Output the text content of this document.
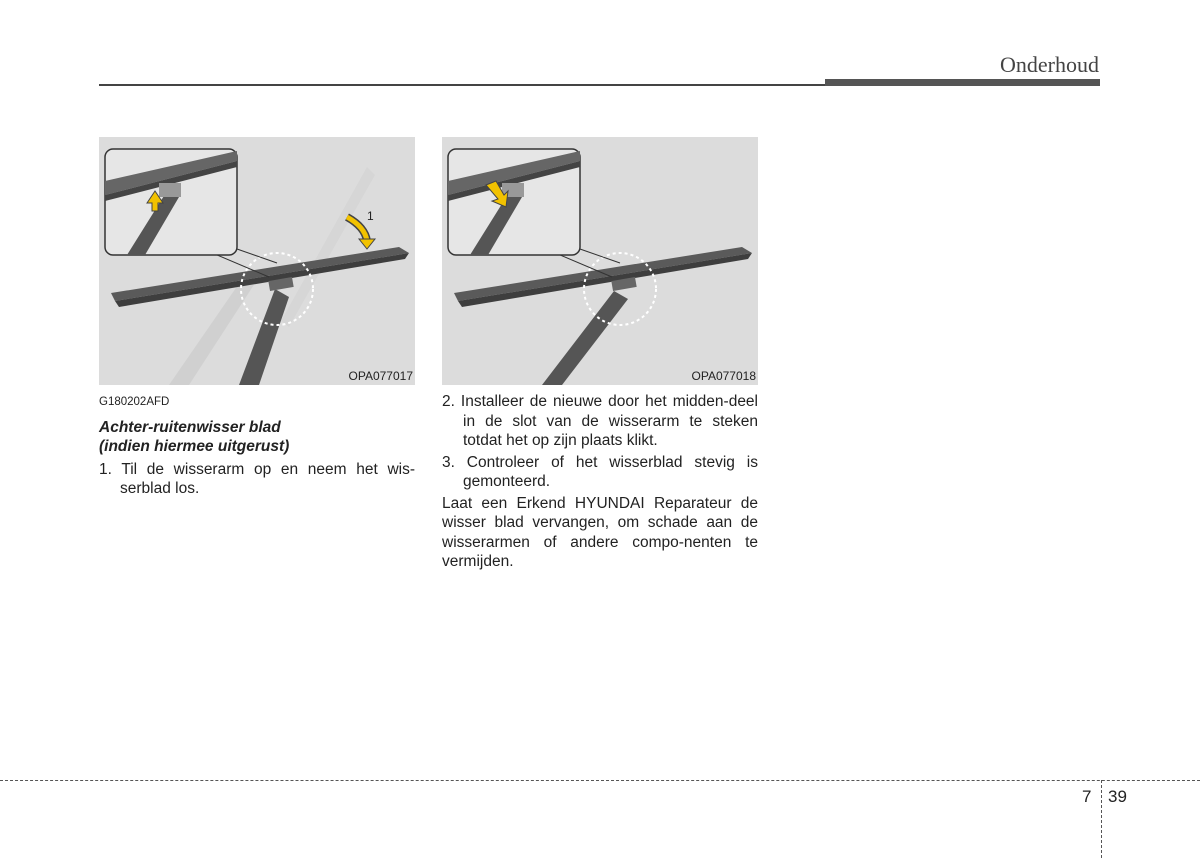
Onderhoud
1
OPA077017	OPA077018
G180202AFD
Achter-ruitenwisser blad
(indien hiermee uitgerust)
1. Til de wisserarm op en neem het wis-serblad los.
2. Installeer de nieuwe door het midden-deel in de slot van de wisserarm te steken totdat het op zijn plaats klikt.
3. Controleer of het wisserblad stevig is gemonteerd.
Laat een Erkend HYUNDAI Reparateur de wisser blad vervangen, om schade aan de wisserarmen of andere compo-nenten te vermijden.
7 39
